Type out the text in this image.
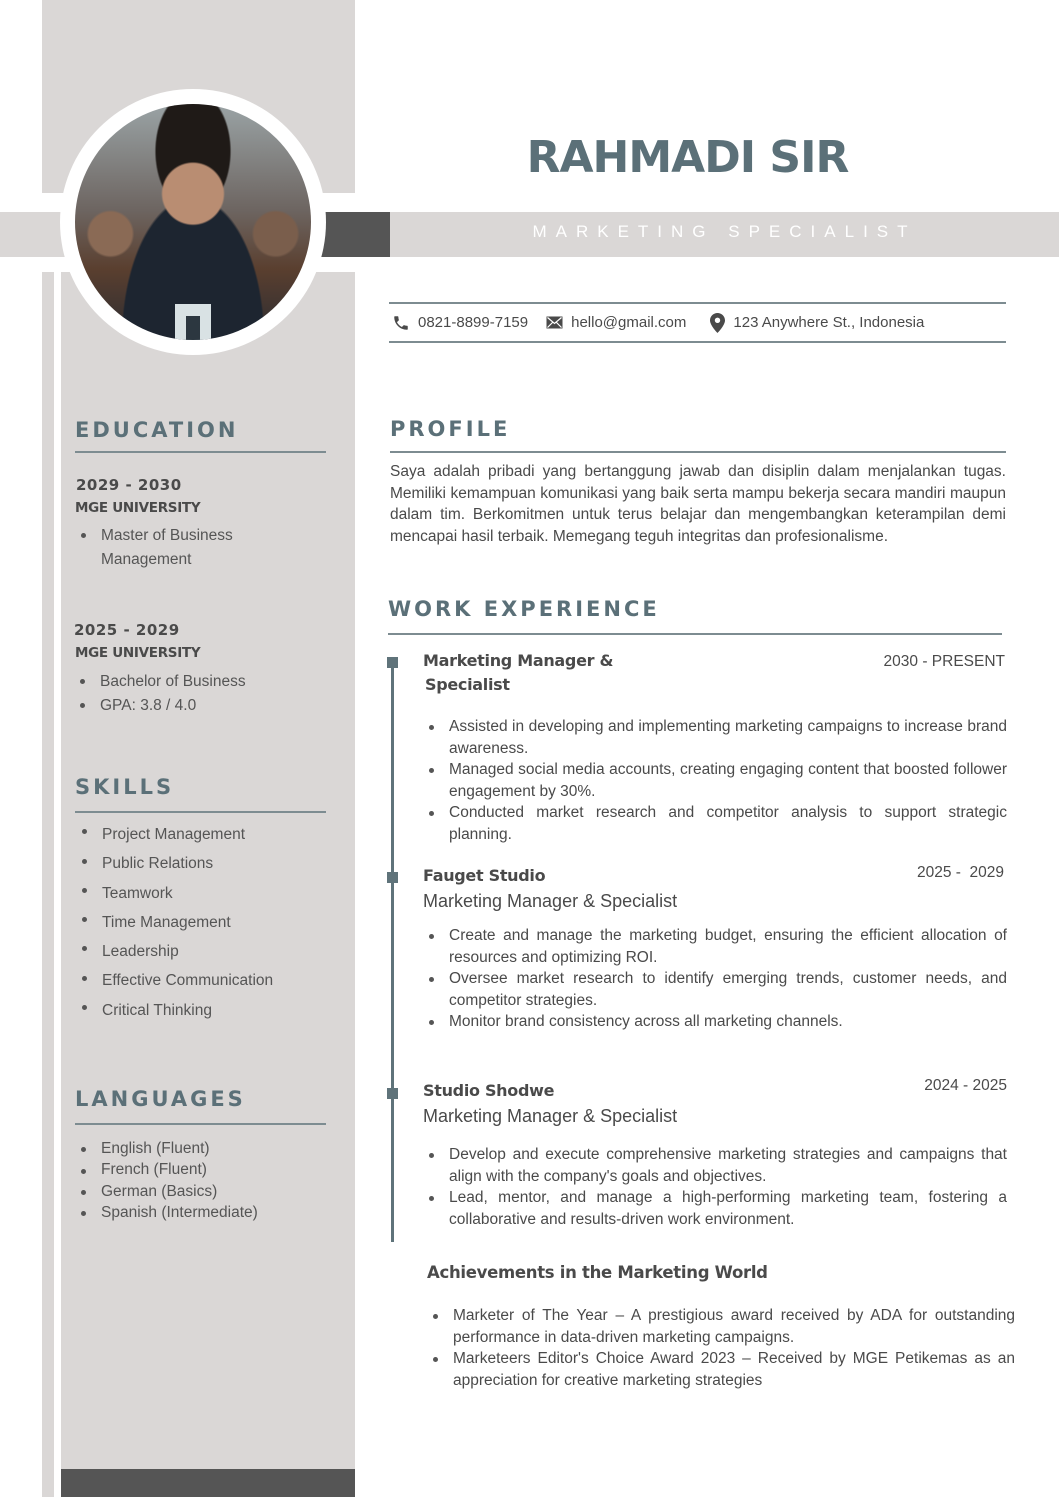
RAHMADI SIR
MARKETING SPECIALIST
0821-8899-7159	hello@gmail.com	123 Anywhere St., Indonesia
EDUCATION
2029 - 2030
MGE UNIVERSITY
Master of Business Management
2025 - 2029
MGE UNIVERSITY
Bachelor of Business
GPA: 3.8 / 4.0
SKILLS
Project Management
Public Relations
Teamwork
Time Management
Leadership
Effective Communication
Critical Thinking
LANGUAGES
English (Fluent)
French (Fluent)
German (Basics)
Spanish (Intermediate)
PROFILE

Saya adalah pribadi yang bertanggung jawab dan disiplin dalam menjalankan tugas. Memiliki kemampuan komunikasi yang baik serta mampu bekerja secara mandiri maupun dalam tim. Berkomitmen untuk terus belajar dan mengembangkan keterampilan demi mencapai hasil terbaik. Memegang teguh integritas dan profesionalisme.

WORK EXPERIENCE
Marketing Manager &
Specialist
2030 - PRESENT
Assisted in developing and implementing marketing campaigns to increase brand awareness.
Managed social media accounts, creating engaging content that boosted follower engagement by 30%.
Conducted market research and competitor analysis to support strategic planning.
Fauget Studio	2025 -  2029
Marketing Manager & Specialist
Create and manage the marketing budget, ensuring the efficient allocation of resources and optimizing ROI.
Oversee market research to identify emerging trends, customer needs, and competitor strategies.
Monitor brand consistency across all marketing channels.
Studio Shodwe	2024 - 2025
Marketing Manager & Specialist
Develop and execute comprehensive marketing strategies and campaigns that align with the company's goals and objectives.
Lead, mentor, and manage a high-performing marketing team, fostering a collaborative and results-driven work environment.
Achievements in the Marketing World
Marketer of The Year – A prestigious award received by ADA for outstanding performance in data-driven marketing campaigns.
Marketeers Editor's Choice Award 2023 – Received by MGE Petikemas as an appreciation for creative marketing strategies
